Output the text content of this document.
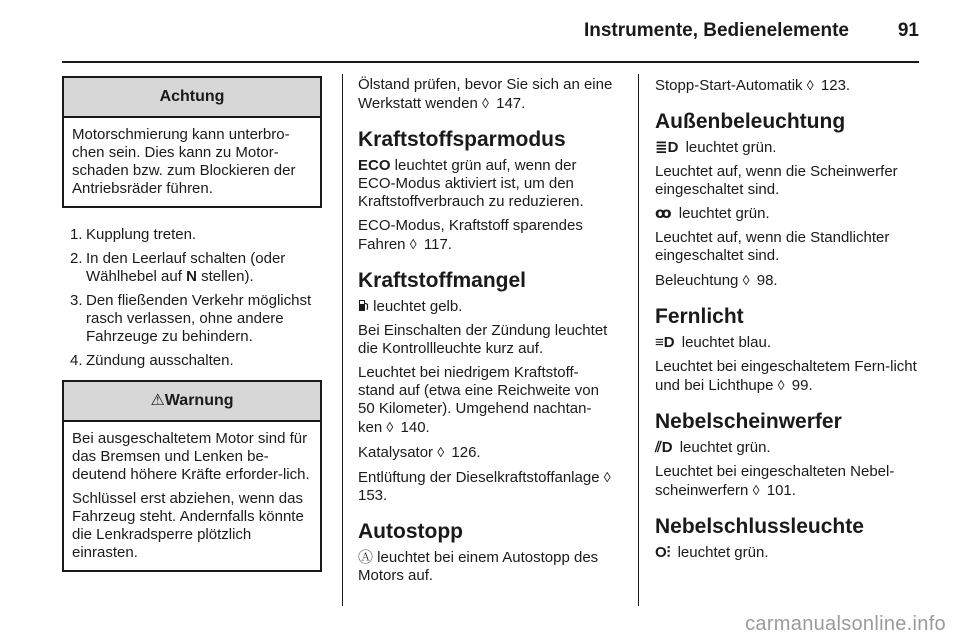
Instrumente, Bedienelemente	91
Achtung

Motorschmierung kann unterbro-chen sein. Dies kann zu Motor-schaden bzw. zum Blockieren der Antriebsräder führen.

1. Kupplung treten.
2. In den Leerlauf schalten (oder Wählhebel auf N stellen).
3. Den fließenden Verkehr möglichst rasch verlassen, ohne andere Fahrzeuge zu behindern.
4. Zündung ausschalten.
⚠Warnung

Bei ausgeschaltetem Motor sind für das Bremsen und Lenken be-deutend höhere Kräfte erforder-lich.

Schlüssel erst abziehen, wenn das Fahrzeug steht. Andernfalls könnte die Lenkradsperre plötzlich einrasten.

Ölstand prüfen, bevor Sie sich an eine Werkstatt wenden ◊ 147.

Kraftstoffsparmodus

ECO leuchtet grün auf, wenn der ECO-Modus aktiviert ist, um den Kraftstoffverbrauch zu reduzieren.

ECO-Modus, Kraftstoff sparendes Fahren ◊ 117.

Kraftstoffmangel

leuchtet gelb.

Bei Einschalten der Zündung leuchtet die Kontrollleuchte kurz auf.

Leuchtet bei niedrigem Kraftstoff-stand auf (etwa eine Reichweite von 50 Kilometer). Umgehend nachtan-ken ◊ 140.

Katalysator ◊ 126.

Entlüftung der Dieselkraftstoffanlage ◊ 153.

Autostopp

Ⓐ leuchtet bei einem Autostopp des Motors auf.

Stopp-Start-Automatik ◊ 123.

Außenbeleuchtung

≣D leuchtet grün.

Leuchtet auf, wenn die Scheinwerfer eingeschaltet sind.

ꝏ leuchtet grün.

Leuchtet auf, wenn die Standlichter eingeschaltet sind.

Beleuchtung ◊ 98.

Fernlicht

≡D leuchtet blau.

Leuchtet bei eingeschaltetem Fern-licht und bei Lichthupe ◊ 99.

Nebelscheinwerfer

⫽D leuchtet grün.

Leuchtet bei eingeschalteten Nebel-scheinwerfern ◊ 101.

Nebelschlussleuchte

O⫶ leuchtet grün.

carmanualsonline.info
